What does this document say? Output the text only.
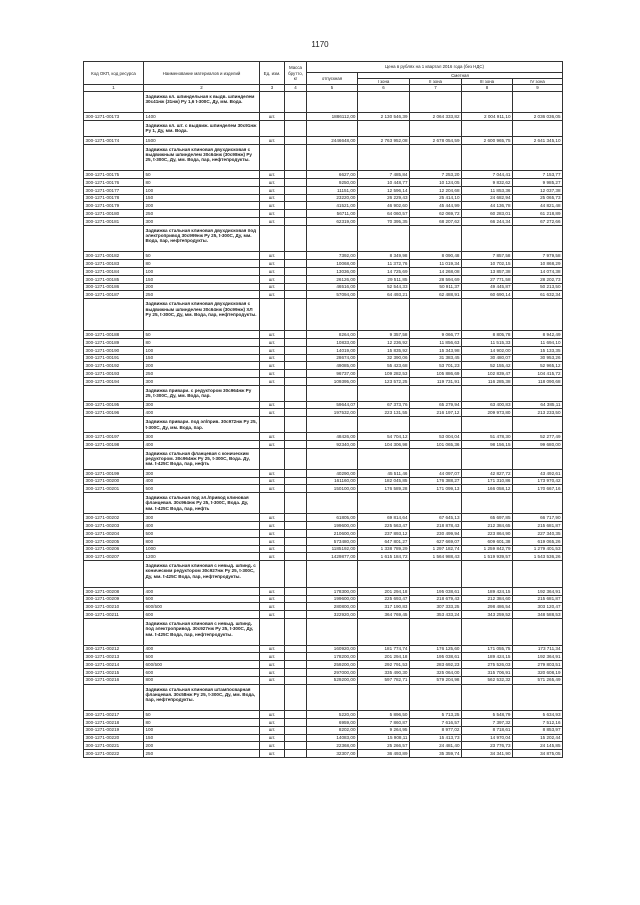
1170
Код ОКП, код ресурса	Наименование материалов и изделий	Ед. изм.	Масса брутто, кг	Цена в рублях на 1 квартал 2016 года (без НДС)				
				отпускная	Сметная			
					I зона	II зона	III зона	IV зона
1	2	3	4	5	6	7	8	9
	Задвижка кл. шпиндельная к выдв. шпинделем 30с41нж (31нж) Ру 1,6 t-300С, Ду, мм. Вода.							
300-1271-00173	1400	шт.		1886112,00	2 130 546,39	2 064 333,82	2 004 911,10	2 036 036,05
	Задвижка кл. шт. с выдвиж. шпинделем 30с91нж Ру 1, Ду, мм. Вода.							
300-1271-00174	1500	шт.		2446648,00	2 763 952,08	2 678 054,59	2 600 965,75	2 641 345,10
	Задвижка стальная клиновая двухдисковая с выдвижным шпинделем 30с64нж (30с98нж) Ру 25, t-300С, Ду, мм. Вода, пар, нефтепродукты.							
300-1271-00175	50	шт.		6627,00	7 485,84	7 253,20	7 044,41	7 153,77
300-1271-00176	80	шт.		9250,00	10 448,77	10 124,05	9 832,62	9 985,27
300-1271-00177	100	шт.		11151,00	12 596,14	12 204,68	11 853,36	12 037,38
300-1271-00178	150	шт.		23220,00	26 229,43	25 414,10	24 682,94	25 065,73
300-1271-00179	200	шт.		41521,00	46 902,60	45 444,99	44 136,78	44 821,48
300-1271-00180	250	шт.		56711,00	64 060,57	62 069,72	60 283,01	61 218,89
300-1271-00181	300	шт.		62319,00	70 395,35	68 207,62	66 244,34	67 272,66
	Задвижка стальная клиновая двухдисковая под электропривод 30с999нж Ру 25, t-300С, Ду, мм. Вода, пар, нефтепродукты.							
300-1271-00182	50	шт.		7392,00	8 349,98	8 090,48	7 857,58	7 979,58
300-1271-00183	80	шт.		10068,00	11 372,76	11 019,34	10 702,15	10 868,29
300-1271-00184	100	шт.		13036,00	14 725,69	14 268,08	13 857,38	14 074,38
300-1271-00185	150	шт.		26126,00	29 511,85	28 594,69	27 771,58	28 202,73
300-1271-00186	200	шт.		46516,00	52 544,33	50 911,37	49 445,87	50 213,50
300-1271-00187	250	шт.		57094,00	64 493,21	62 488,91	60 690,14	61 632,34
	Задвижка стальная клиновая двухдисковая с выдвижным шпинделем 30с64нж (30с99нж) ХЛ Ру 25, t-300С, Ду, мм. Вода, пар, нефтепродукты.							
300-1271-00188	50	шт.		8264,00	9 357,58	9 066,77	8 805,78	8 942,49
300-1271-00189	80	шт.		10833,00	12 236,92	11 856,63	11 515,33	11 694,10
300-1271-00190	100	шт.		14019,00	15 835,92	15 343,98	14 902,00	15 133,35
300-1271-00191	150	шт.		28674,00	32 390,06	31 383,45	30 480,07	30 953,26
300-1271-00192	200	шт.		49085,00	55 423,68	53 701,23	52 155,42	52 965,12
300-1271-00193	250	шт.		96737,00	109 282,53	105 886,69	102 839,47	104 415,72
300-1271-00194	300	шт.		109395,00	123 572,25	119 731,91	116 285,38	118 090,68
	Задвижка привари. с редуктором 30с964нж Ру 25, t-300С, Ду, мм. Вода, пар.							
300-1271-00195	300	шт.		59644,07	67 373,76	65 279,94	63 400,83	64 385,11
300-1271-00196	400	шт.		197532,00	223 131,55	216 197,12	209 973,80	213 233,50
	Задвижка привари. под эл/прив. 30с972нж Ру 25, t-300С, Ду, мм. Вода, пар.							
300-1271-00197	300	шт.		48426,00	54 704,12	53 004,04	51 478,30	52 277,49
300-1271-00198	400	шт.		92340,00	104 306,98	101 065,36	98 156,15	99 680,00
	Задвижка стальная фланцевая с коническим редуктором. 30с964нж Ру 25, t-300С, Вода. Ду, мм. t-425С Вода, пар, нефть							
300-1271-00199	300	шт.		40290,00	45 511,46	44 097,07	42 827,72	43 492,61
300-1271-00200	400	шт.		161160,00	182 045,85	176 388,27	171 310,86	173 970,42
300-1271-00201	500	шт.		150100,00	176 589,28	171 099,13	166 058,12	170 667,16
	Задвижка стальная под эл./привод клиновая фланцевая. 30с964нж Ру 25, t-300С, Вода. Ду, мм. t-425С Вода, пар, нефть							
300-1271-00202	300	шт.		61805,00	69 814,64	67 645,13	65 697,85	66 717,90
300-1271-00203	400	шт.		199600,00	225 563,47	218 878,43	212 384,65	215 681,87
300-1271-00204	500	шт.		210600,00	237 893,12	230 499,94	223 864,90	227 340,35
300-1271-00205	800	шт.		573480,00	647 801,27	627 669,07	609 601,38	619 065,26
300-1271-00206	1000	шт.		1185192,00	1 338 789,29	1 297 182,74	1 259 842,79	1 279 401,53
300-1271-00207	1200	шт.		1429877,00	1 615 184,72	1 564 988,43	1 519 939,57	1 543 536,26
	Задвижка стальная клиновая с невыд. шпинд. с коническим редуктором 30с927нж Ру 25, t-300С, Ду, мм. t-425С Вода, пар, нефтепродукты.							
300-1271-00208	400	шт.		178300,00	201 294,18	195 038,61	189 424,15	192 364,91
300-1271-00209	500	шт.		199600,00	225 693,47	218 679,43	212 384,60	215 681,87
300-1271-00210	600/500	шт.		280800,00	317 190,83	307 333,25	298 486,54	303 120,47
300-1271-00211	600	шт.		322920,00	364 769,45	353 433,24	343 259,52	348 588,53
	Задвижка стальная клиновая с невыд. шпинд. под электропривод. 30с927нж Ру 25, t-300С, Ду, мм. t-425С Вода, пар, нефтепродукты.							
300-1271-00212	400	шт.		160920,00	181 774,74	176 125,60	171 055,75	173 711,34
300-1271-00213	500	шт.		178200,00	201 294,18	195 038,61	189 424,15	192 364,91
300-1271-00214	600/500	шт.		259200,00	292 791,53	283 692,23	275 526,03	279 803,51
300-1271-00215	600	шт.		297000,00	335 490,30	325 064,00	315 706,91	320 608,19
300-1271-00216	800	шт.		529200,00	597 782,71	579 204,98	562 532,32	571 265,49
	Задвижка стальная клиновая штампосварная фланцевая. 30с58нж Ру 25, t-300С, Ду, мм. Вода, пар, нефтепродукты.							
300-1271-00217	50	шт.		5220,00	5 896,50	5 713,25	5 548,79	5 634,93
300-1271-00218	80	шт.		6959,00	7 860,87	7 616,57	7 397,32	7 512,16
300-1271-00219	100	шт.		8202,00	9 264,95	8 977,02	8 718,61	8 853,97
300-1271-00220	150	шт.		14083,00	15 908,11	15 413,73	14 970,04	15 202,44
300-1271-00221	200	шт.		22368,00	25 266,57	24 481,40	23 776,73	24 145,85
300-1271-00222	250	шт.		32307,00	36 493,89	35 359,74	34 341,90	34 875,05
